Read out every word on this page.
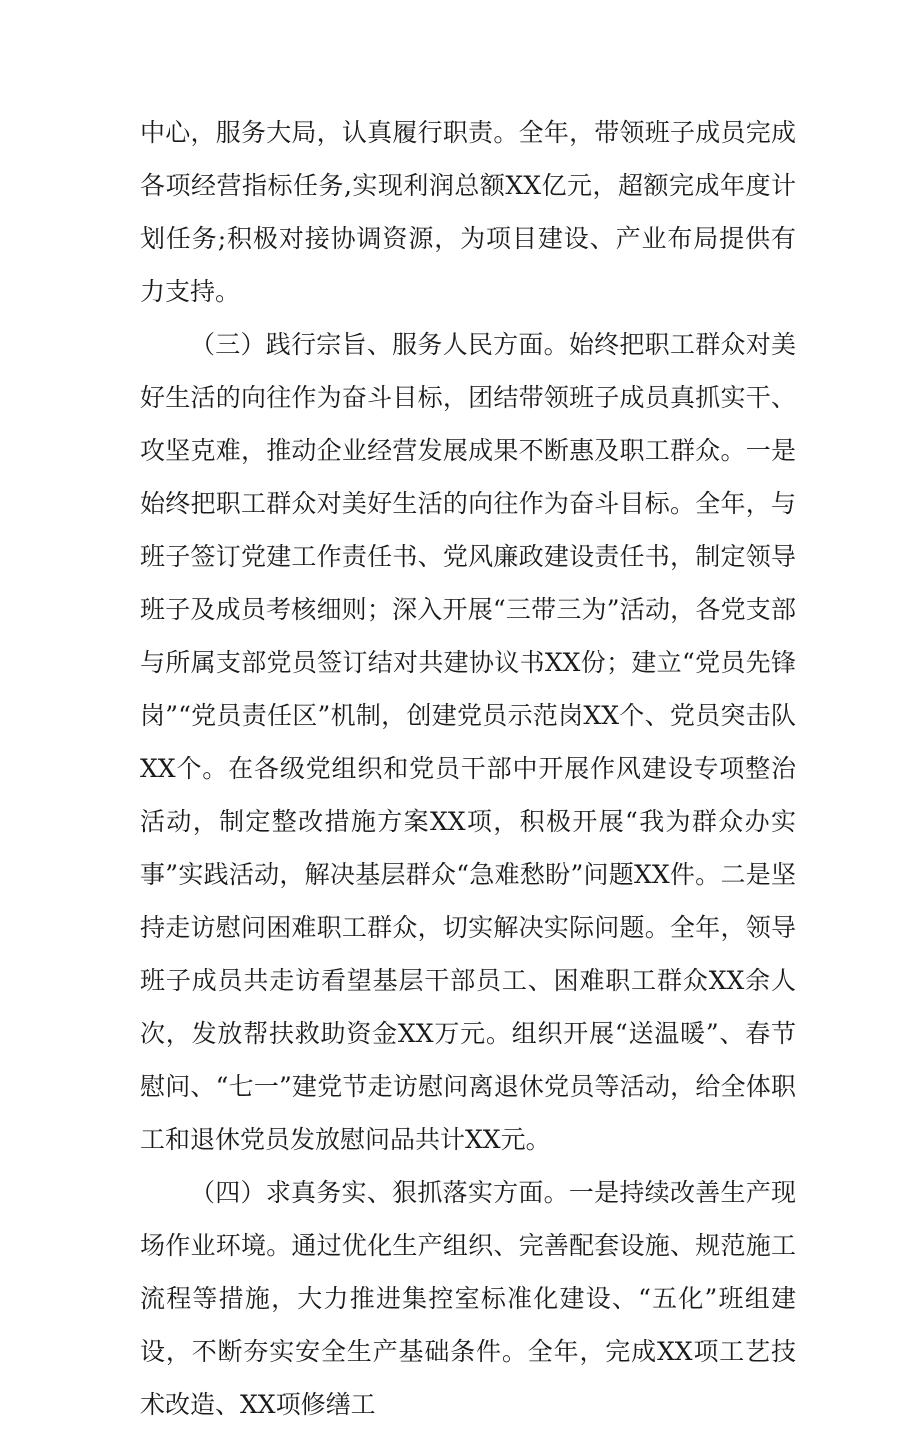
中心，服务大局，认真履行职责。全年，带领班子成员完成各项经营指标任务,实现利润总额XX亿元，超额完成年度计划任务;积极对接协调资源，为项目建设、产业布局提供有力支持。

（三）践行宗旨、服务人民方面。始终把职工群众对美好生活的向往作为奋斗目标，团结带领班子成员真抓实干、攻坚克难，推动企业经营发展成果不断惠及职工群众。一是始终把职工群众对美好生活的向往作为奋斗目标。全年，与班子签订党建工作责任书、党风廉政建设责任书，制定领导班子及成员考核细则；深入开展“三带三为”活动，各党支部与所属支部党员签订结对共建协议书XX份；建立“党员先锋岗”“党员责任区”机制，创建党员示范岗XX个、党员突击队XX个。在各级党组织和党员干部中开展作风建设专项整治活动，制定整改措施方案XX项，积极开展“我为群众办实事”实践活动，解决基层群众“急难愁盼”问题XX件。二是坚持走访慰问困难职工群众，切实解决实际问题。全年，领导班子成员共走访看望基层干部员工、困难职工群众XX余人次，发放帮扶救助资金XX万元。组织开展“送温暖”、春节慰问、“七一”建党节走访慰问离退休党员等活动，给全体职工和退休党员发放慰问品共计XX元。

（四）求真务实、狠抓落实方面。一是持续改善生产现场作业环境。通过优化生产组织、完善配套设施、规范施工流程等措施，大力推进集控室标准化建设、“五化”班组建设，不断夯实安全生产基础条件。全年，完成XX项工艺技术改造、XX项修缮工
